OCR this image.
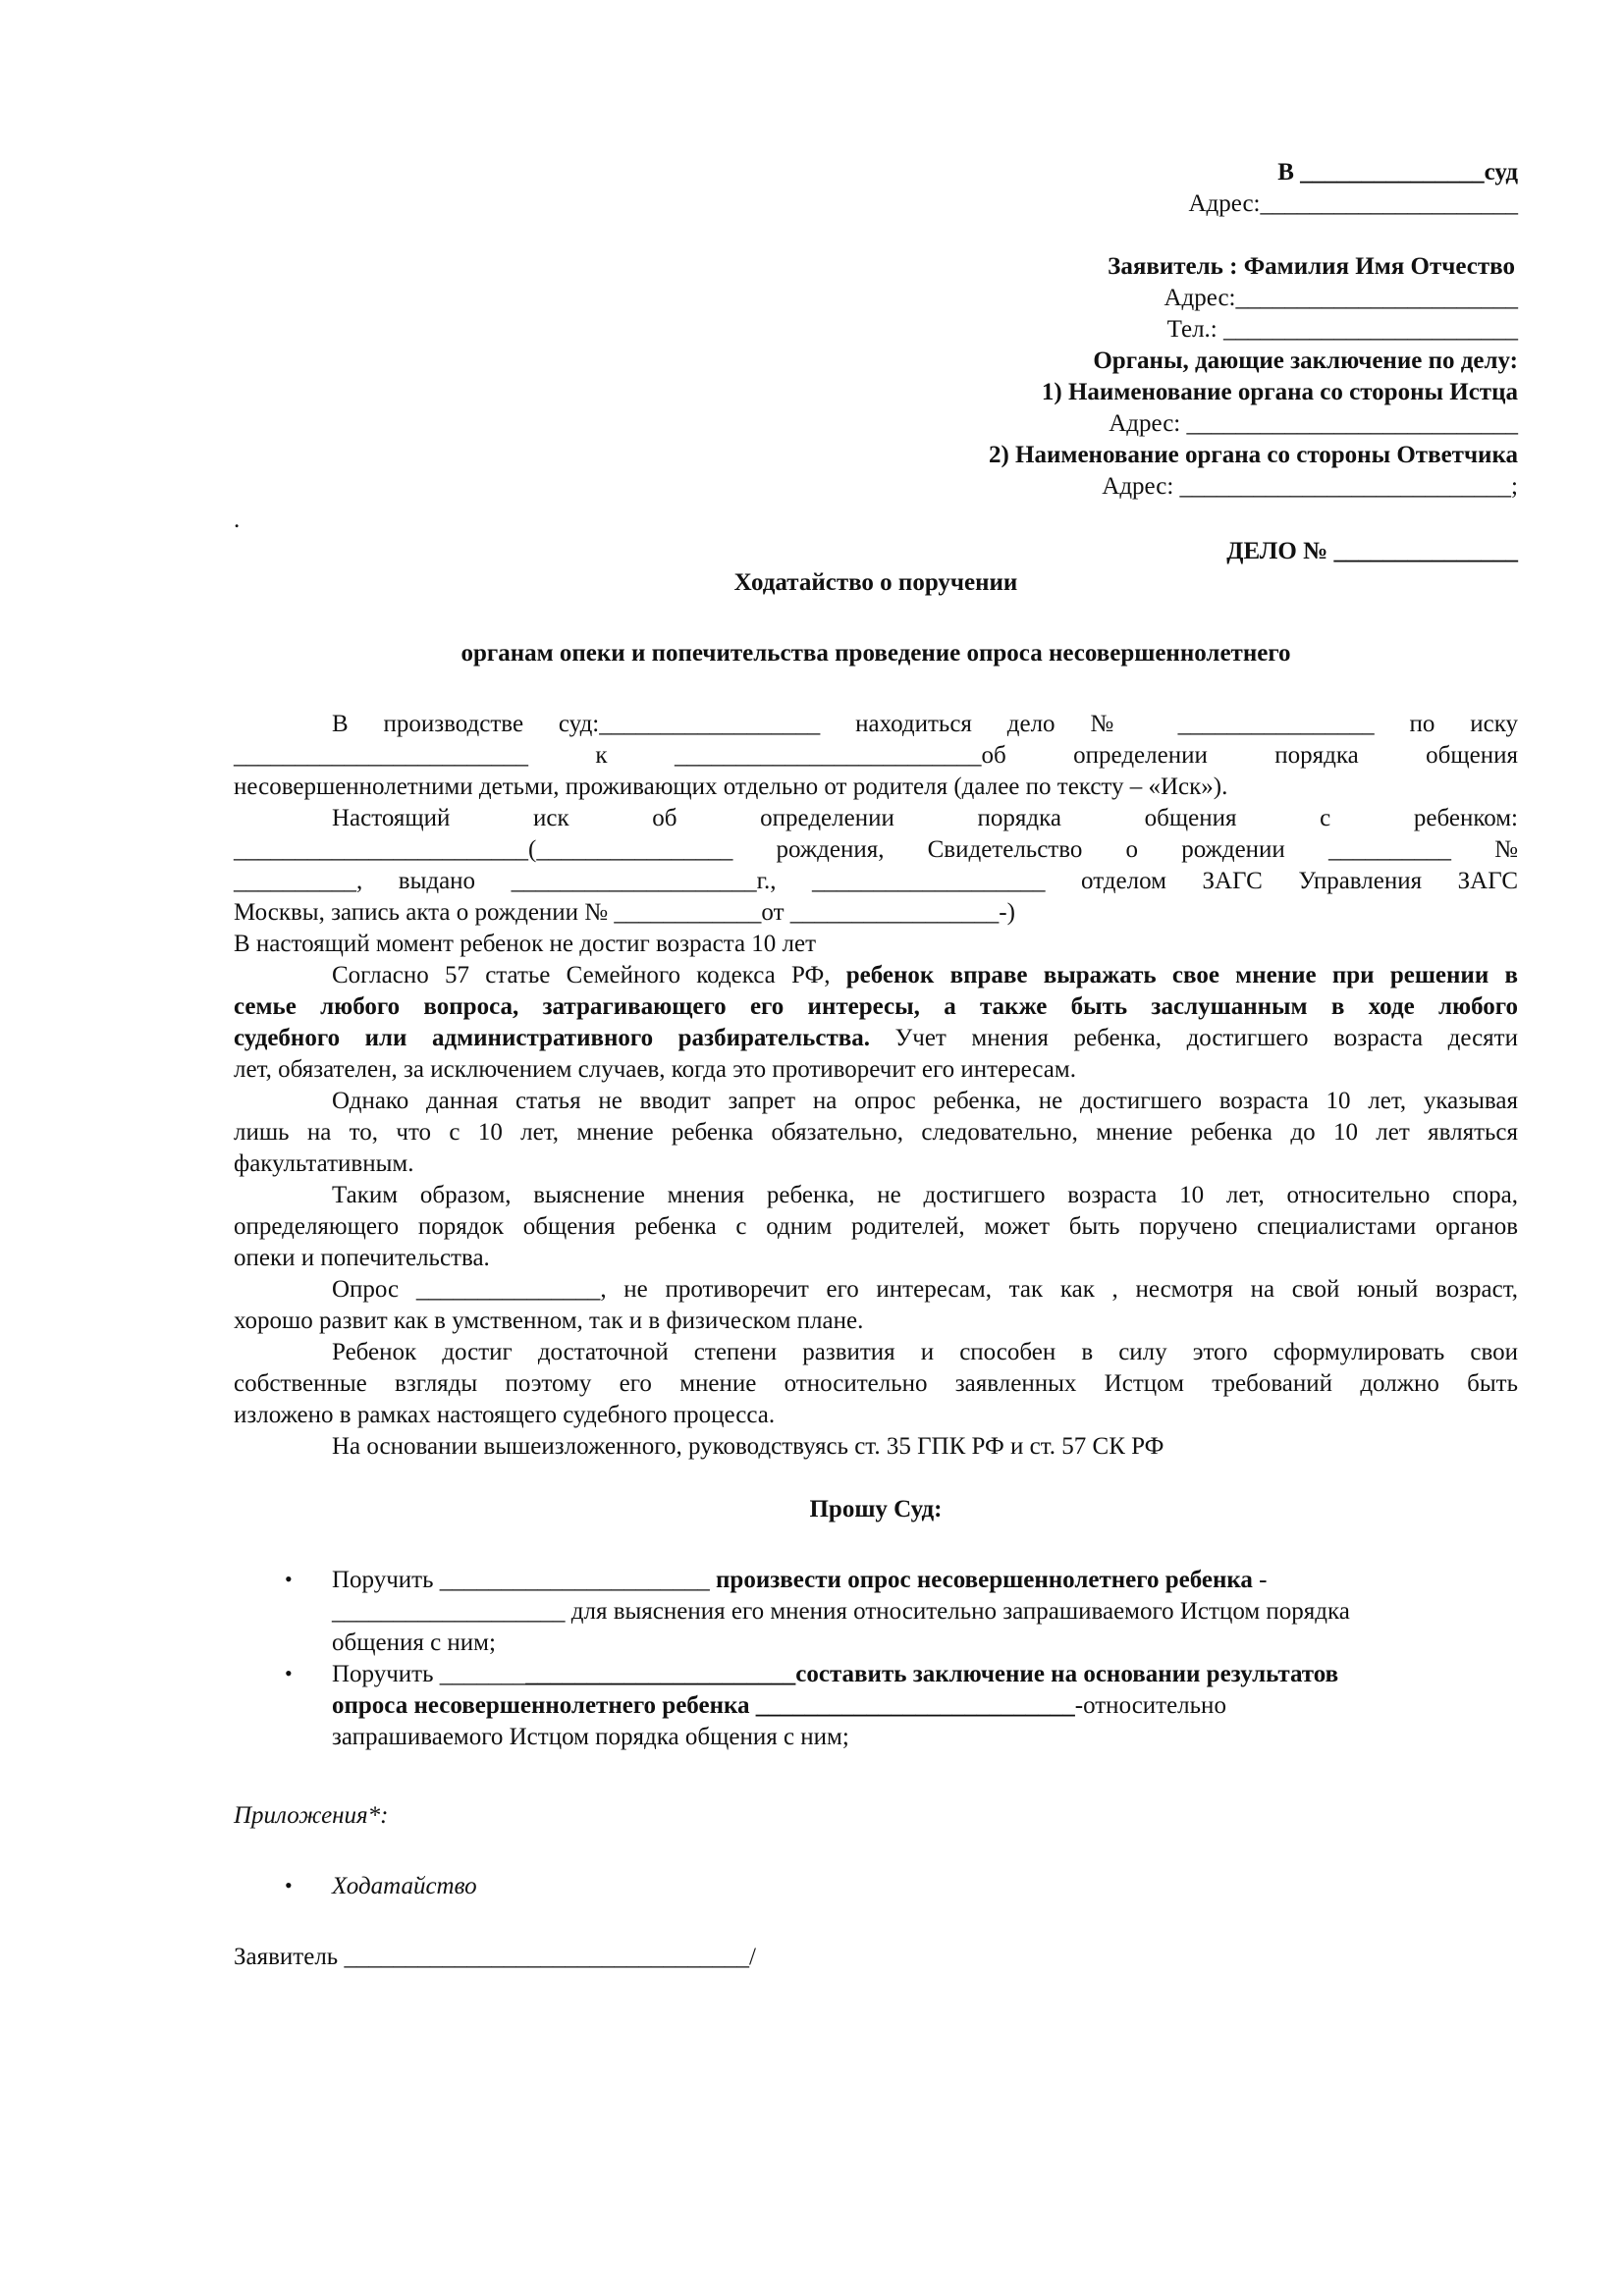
В _______________суд
Адрес:_____________________
Заявитель : Фамилия Имя Отчество
Адрес:_______________________
Тел.: ________________________
Органы, дающие заключение по делу:
1) Наименование органа со стороны Истца
Адрес: ___________________________
2) Наименование органа со стороны Ответчика
Адрес: ___________________________;
.
ДЕЛО № _______________
Ходатайство о поручении
органам опеки и попечительства проведение опроса несовершеннолетнего
В производстве суд:__________________ находиться дело № ________________ по иску
________________________ к _________________________об определении порядка общения
несовершеннолетними детьми, проживающих отдельно от родителя (далее по тексту – «Иск»).
Настоящий иск об определении порядка общения с ребенком:
________________________(________________ рождения, Свидетельство о рождении __________ №
__________, выдано ____________________г., ___________________ отделом ЗАГС Управления ЗАГС
Москвы, запись акта о рождении № ____________от _________________-)
В настоящий момент ребенок не достиг возраста 10 лет
Согласно 57 статье Семейного кодекса РФ, ребенок вправе выражать свое мнение при решении в
семье любого вопроса, затрагивающего его интересы, а также быть заслушанным в ходе любого
судебного или административного разбирательства. Учет мнения ребенка, достигшего возраста десяти
лет, обязателен, за исключением случаев, когда это противоречит его интересам.
Однако данная статья не вводит запрет на опрос ребенка, не достигшего возраста 10 лет, указывая
лишь на то, что с 10 лет, мнение ребенка обязательно, следовательно, мнение ребенка до 10 лет являться
факультативным.
Таким образом, выяснение мнения ребенка, не достигшего возраста 10 лет, относительно спора,
определяющего порядок общения ребенка с одним родителей, может быть поручено специалистами органов
опеки и попечительства.
Опрос _______________, не противоречит его интересам, так как , несмотря на свой юный возраст,
хорошо развит как в умственном, так и в физическом плане.
Ребенок достиг достаточной степени развития и способен в силу этого сформулировать свои
собственные взгляды поэтому его мнение относительно заявленных Истцом требований должно быть
изложено в рамках настоящего судебного процесса.
На основании вышеизложенного, руководствуясь ст. 35 ГПК РФ и ст. 57 СК РФ
Прошу Суд:
• Поручить ______________________ произвести опрос несовершеннолетнего ребенка -
___________________ для выяснения его мнения относительно запрашиваемого Истцом порядка
общения с ним;
• Поручить _____________________________составить заключение на основании результатов
опроса несовершеннолетнего ребенка __________________________-относительно
запрашиваемого Истцом порядка общения с ним;
Приложения*:
• Ходатайство
Заявитель _________________________________/
